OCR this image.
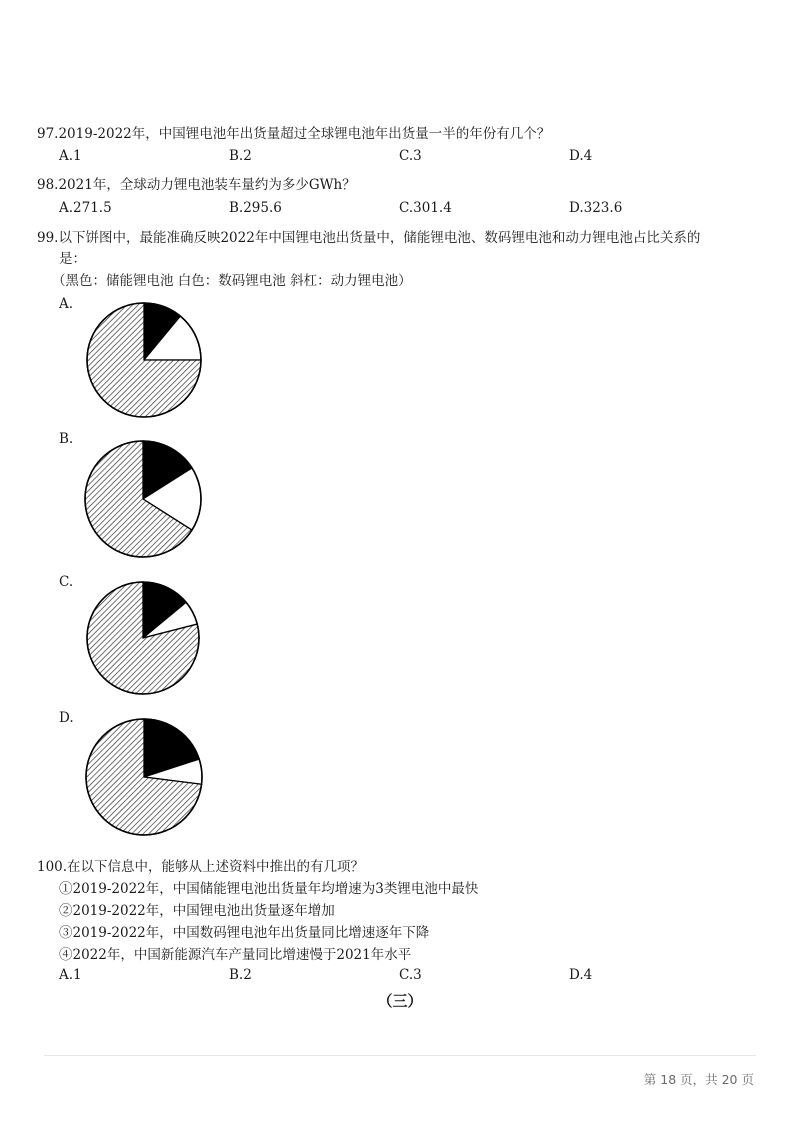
97.2019-2022年，中国锂电池年出货量超过全球锂电池年出货量一半的年份有几个？
A.1	B.2	C.3	D.4
98.2021年，全球动力锂电池装车量约为多少GWh？
A.271.5	B.295.6	C.301.4	D.323.6
99.以下饼图中，最能准确反映2022年中国锂电池出货量中，储能锂电池、数码锂电池和动力锂电池占比关系的
是：
（黑色：储能锂电池 白色：数码锂电池 斜杠：动力锂电池）
A.
B.
C.
D.
100.在以下信息中，能够从上述资料中推出的有几项？
①2019-2022年，中国储能锂电池出货量年均增速为3类锂电池中最快
②2019-2022年，中国锂电池出货量逐年增加
③2019-2022年，中国数码锂电池年出货量同比增速逐年下降
④2022年，中国新能源汽车产量同比增速慢于2021年水平
A.1	B.2	C.3	D.4
（三）
第 18 页，共 20 页
